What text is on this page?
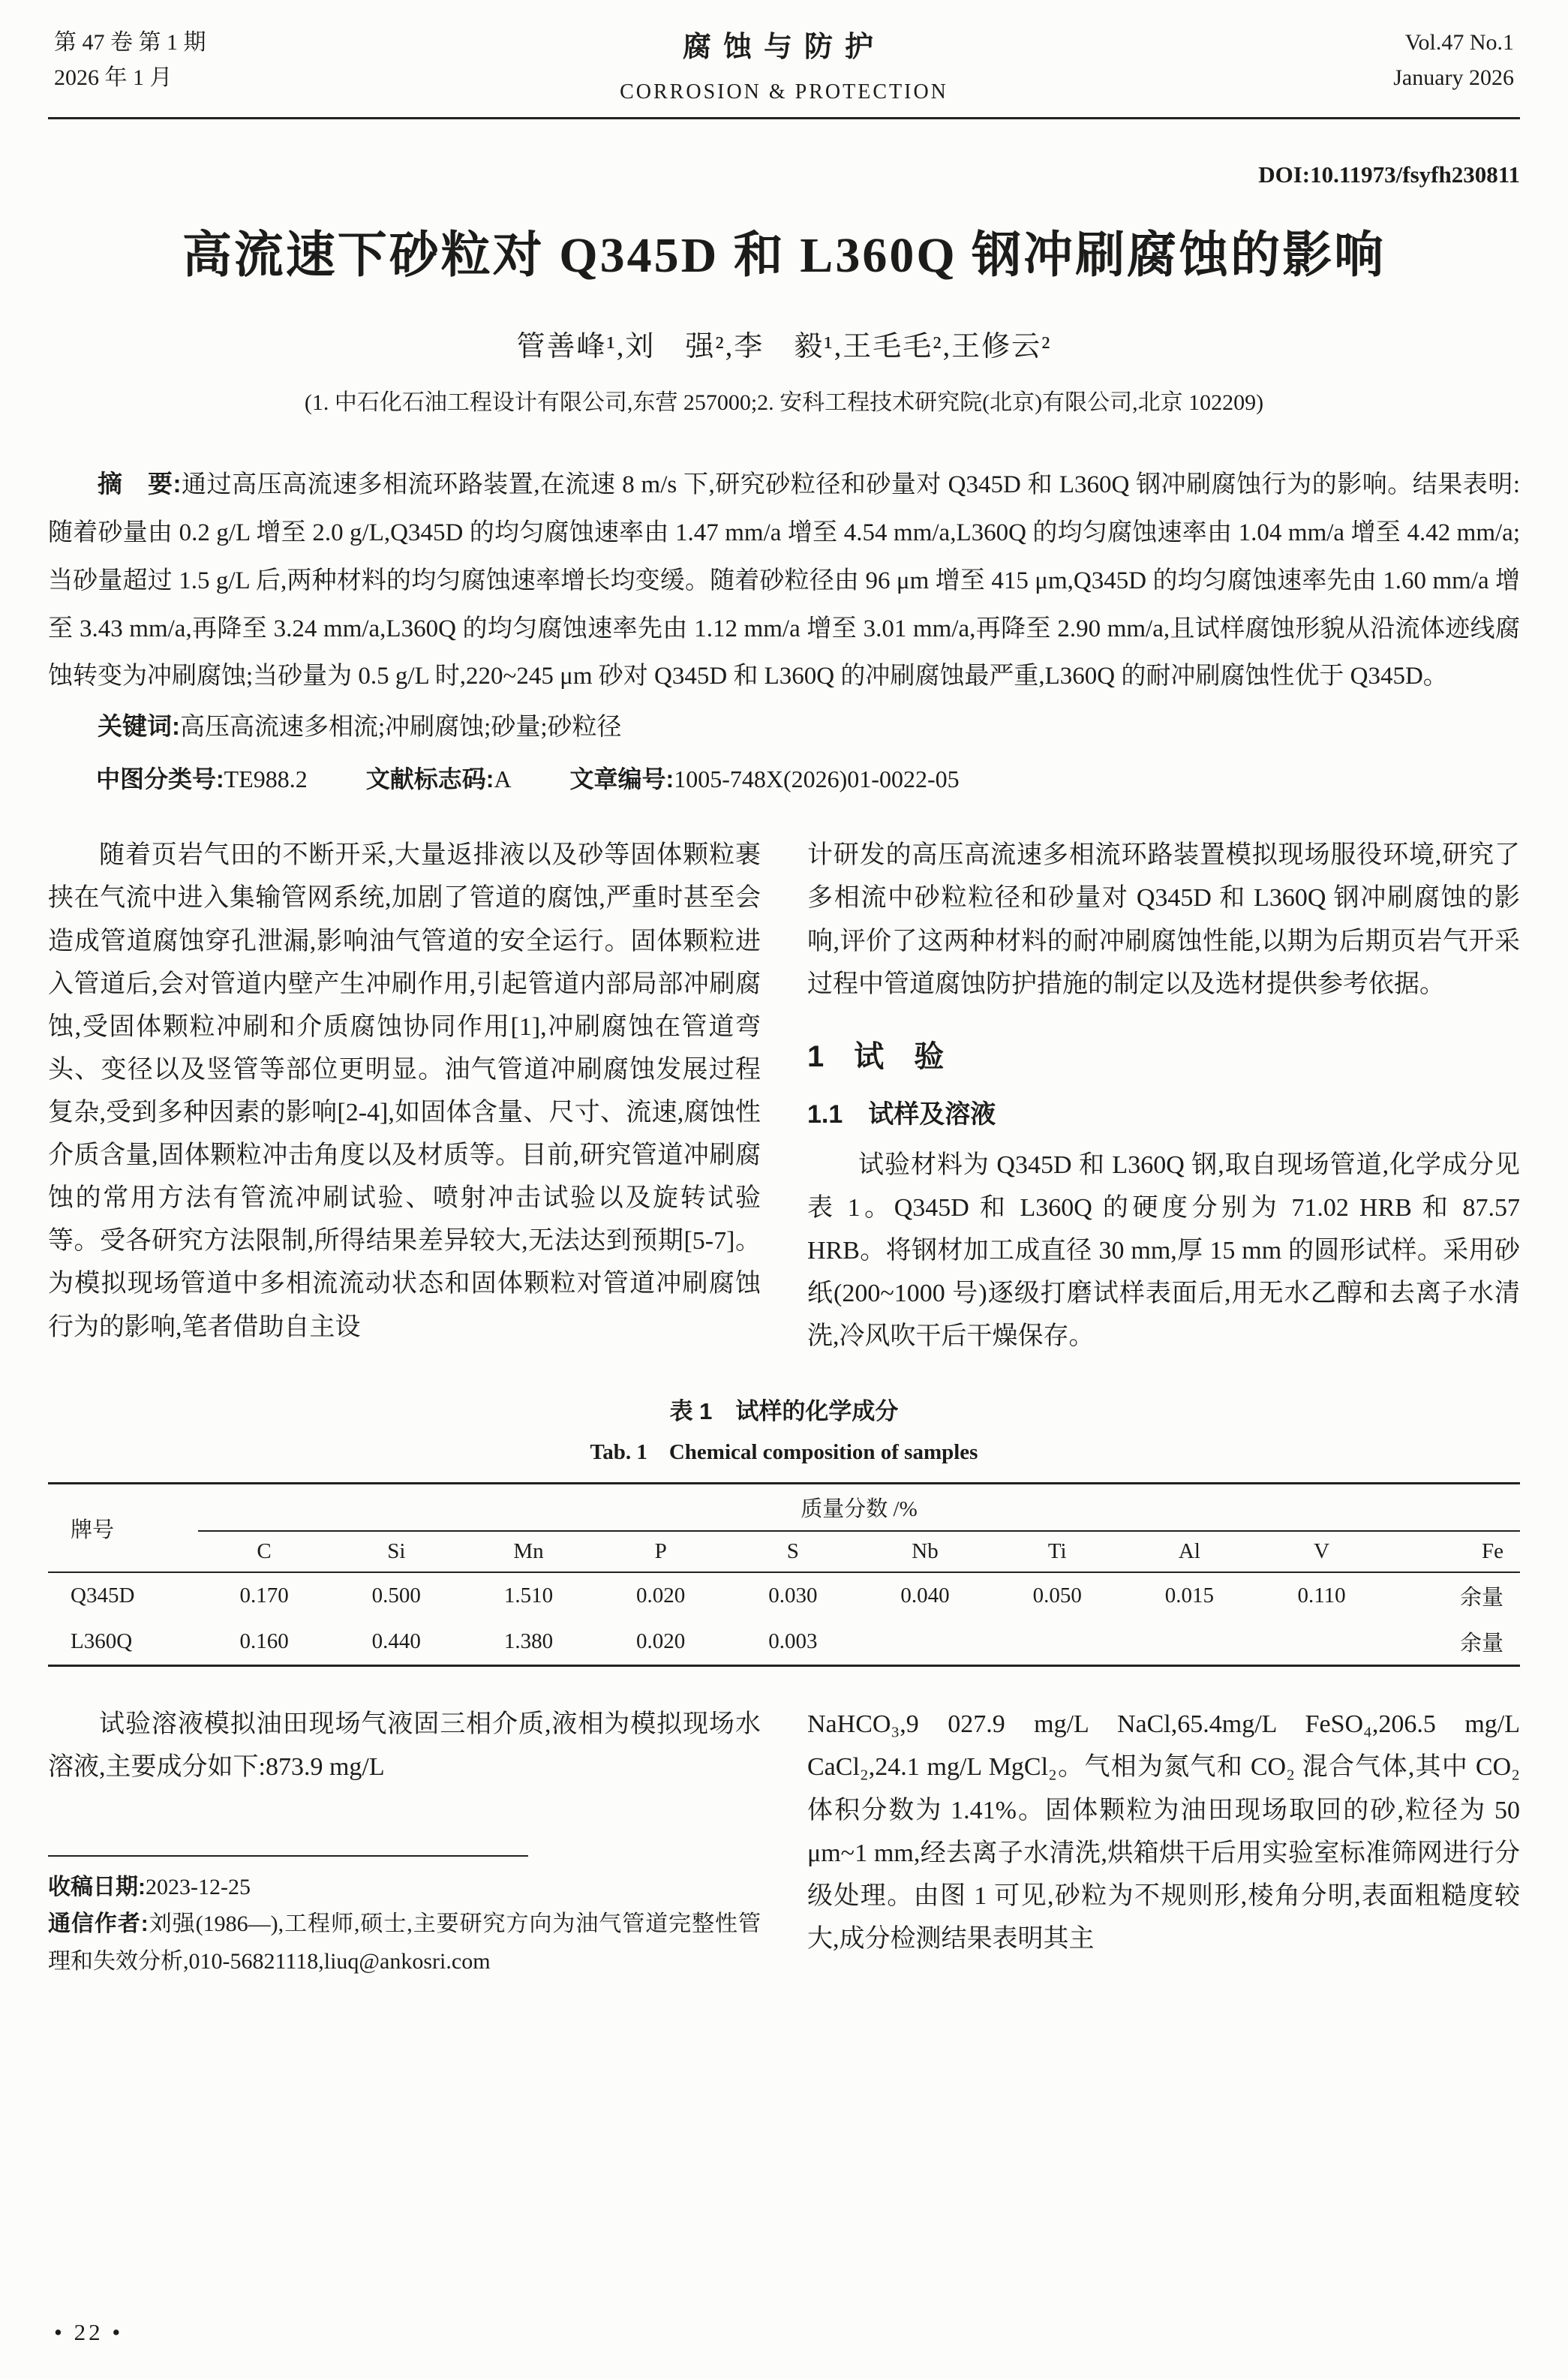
第 47 卷 第 1 期
2026 年 1 月
腐蚀与防护
CORROSION & PROTECTION
Vol.47 No.1
January 2026
DOI:10.11973/fsyfh230811
高流速下砂粒对 Q345D 和 L360Q 钢冲刷腐蚀的影响
管善峰¹,刘　强²,李　毅¹,王毛毛²,王修云²
(1. 中石化石油工程设计有限公司,东营 257000;2. 安科工程技术研究院(北京)有限公司,北京 102209)

摘　要:通过高压高流速多相流环路装置,在流速 8 m/s 下,研究砂粒径和砂量对 Q345D 和 L360Q 钢冲刷腐蚀行为的影响。结果表明:随着砂量由 0.2 g/L 增至 2.0 g/L,Q345D 的均匀腐蚀速率由 1.47 mm/a 增至 4.54 mm/a,L360Q 的均匀腐蚀速率由 1.04 mm/a 增至 4.42 mm/a;当砂量超过 1.5 g/L 后,两种材料的均匀腐蚀速率增长均变缓。随着砂粒径由 96 μm 增至 415 μm,Q345D 的均匀腐蚀速率先由 1.60 mm/a 增至 3.43 mm/a,再降至 3.24 mm/a,L360Q 的均匀腐蚀速率先由 1.12 mm/a 增至 3.01 mm/a,再降至 2.90 mm/a,且试样腐蚀形貌从沿流体迹线腐蚀转变为冲刷腐蚀;当砂量为 0.5 g/L 时,220~245 μm 砂对 Q345D 和 L360Q 的冲刷腐蚀最严重,L360Q 的耐冲刷腐蚀性优于 Q345D。

关键词:高压高流速多相流;冲刷腐蚀;砂量;砂粒径

中图分类号:TE988.2 文献标志码:A 文章编号:1005-748X(2026)01-0022-05

随着页岩气田的不断开采,大量返排液以及砂等固体颗粒裹挟在气流中进入集输管网系统,加剧了管道的腐蚀,严重时甚至会造成管道腐蚀穿孔泄漏,影响油气管道的安全运行。固体颗粒进入管道后,会对管道内壁产生冲刷作用,引起管道内部局部冲刷腐蚀,受固体颗粒冲刷和介质腐蚀协同作用[1],冲刷腐蚀在管道弯头、变径以及竖管等部位更明显。油气管道冲刷腐蚀发展过程复杂,受到多种因素的影响[2-4],如固体含量、尺寸、流速,腐蚀性介质含量,固体颗粒冲击角度以及材质等。目前,研究管道冲刷腐蚀的常用方法有管流冲刷试验、喷射冲击试验以及旋转试验等。受各研究方法限制,所得结果差异较大,无法达到预期[5-7]。为模拟现场管道中多相流流动状态和固体颗粒对管道冲刷腐蚀行为的影响,笔者借助自主设

计研发的高压高流速多相流环路装置模拟现场服役环境,研究了多相流中砂粒粒径和砂量对 Q345D 和 L360Q 钢冲刷腐蚀的影响,评价了这两种材料的耐冲刷腐蚀性能,以期为后期页岩气开采过程中管道腐蚀防护措施的制定以及选材提供参考依据。

1　试　验
1.1　试样及溶液

试验材料为 Q345D 和 L360Q 钢,取自现场管道,化学成分见表 1。Q345D 和 L360Q 的硬度分别为 71.02 HRB 和 87.57 HRB。将钢材加工成直径 30 mm,厚 15 mm 的圆形试样。采用砂纸(200~1000 号)逐级打磨试样表面后,用无水乙醇和去离子水清洗,冷风吹干后干燥保存。

表 1　试样的化学成分
Tab. 1　Chemical composition of samples
牌号	质量分数 /%									
	C	Si	Mn	P	S	Nb	Ti	Al	V	Fe
Q345D	0.170	0.500	1.510	0.020	0.030	0.040	0.050	0.015	0.110	余量
L360Q	0.160	0.440	1.380	0.020	0.003					余量

试验溶液模拟油田现场气液固三相介质,液相为模拟现场水溶液,主要成分如下:873.9 mg/L

收稿日期:2023-12-25

通信作者:刘强(1986—),工程师,硕士,主要研究方向为油气管道完整性管理和失效分析,010-56821118,liuq@ankosri.com

NaHCO₃,9 027.9 mg/L NaCl,65.4mg/L FeSO₄,206.5 mg/L CaCl₂,24.1 mg/L MgCl₂。气相为氮气和 CO₂ 混合气体,其中 CO₂ 体积分数为 1.41%。固体颗粒为油田现场取回的砂,粒径为 50 μm~1 mm,经去离子水清洗,烘箱烘干后用实验室标准筛网进行分级处理。由图 1 可见,砂粒为不规则形,棱角分明,表面粗糙度较大,成分检测结果表明其主

• 22 •
